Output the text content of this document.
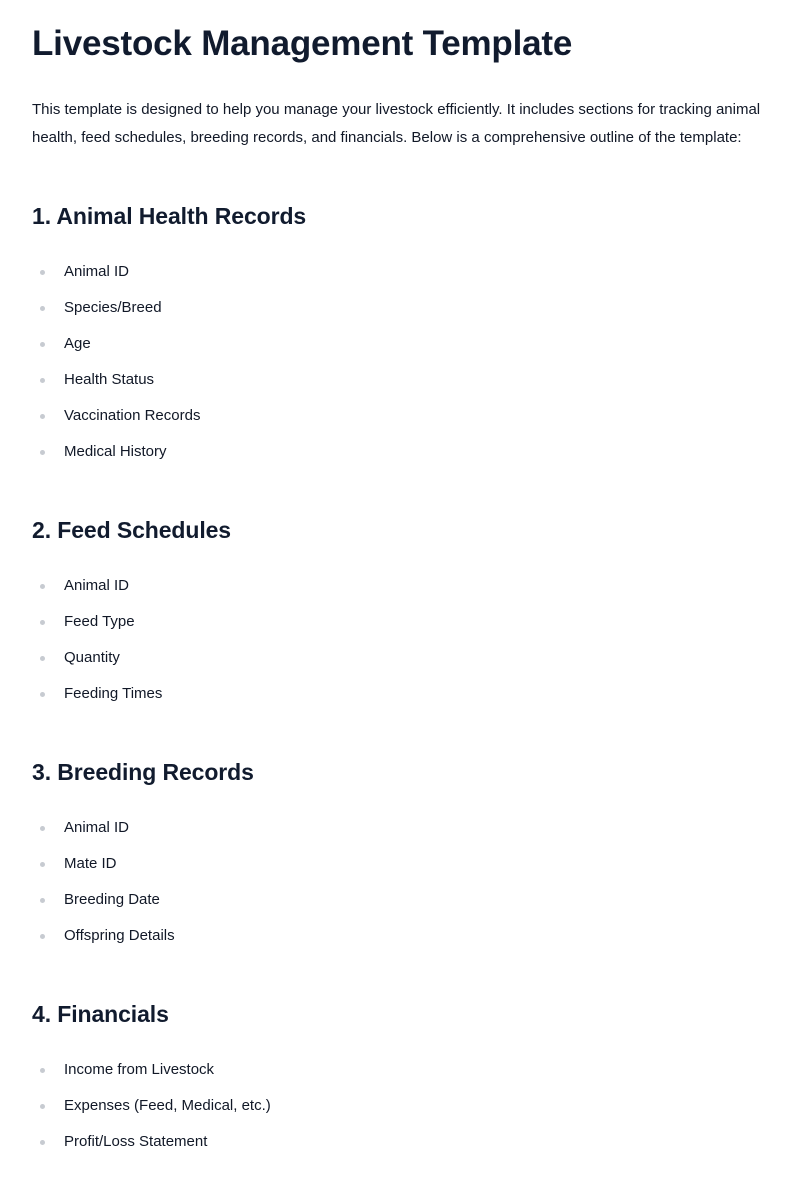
Livestock Management Template

This template is designed to help you manage your livestock efficiently. It includes sections for tracking animal health, feed schedules, breeding records, and financials. Below is a comprehensive outline of the template:

1. Animal Health Records
Animal ID
Species/Breed
Age
Health Status
Vaccination Records
Medical History
2. Feed Schedules
Animal ID
Feed Type
Quantity
Feeding Times
3. Breeding Records
Animal ID
Mate ID
Breeding Date
Offspring Details
4. Financials
Income from Livestock
Expenses (Feed, Medical, etc.)
Profit/Loss Statement
